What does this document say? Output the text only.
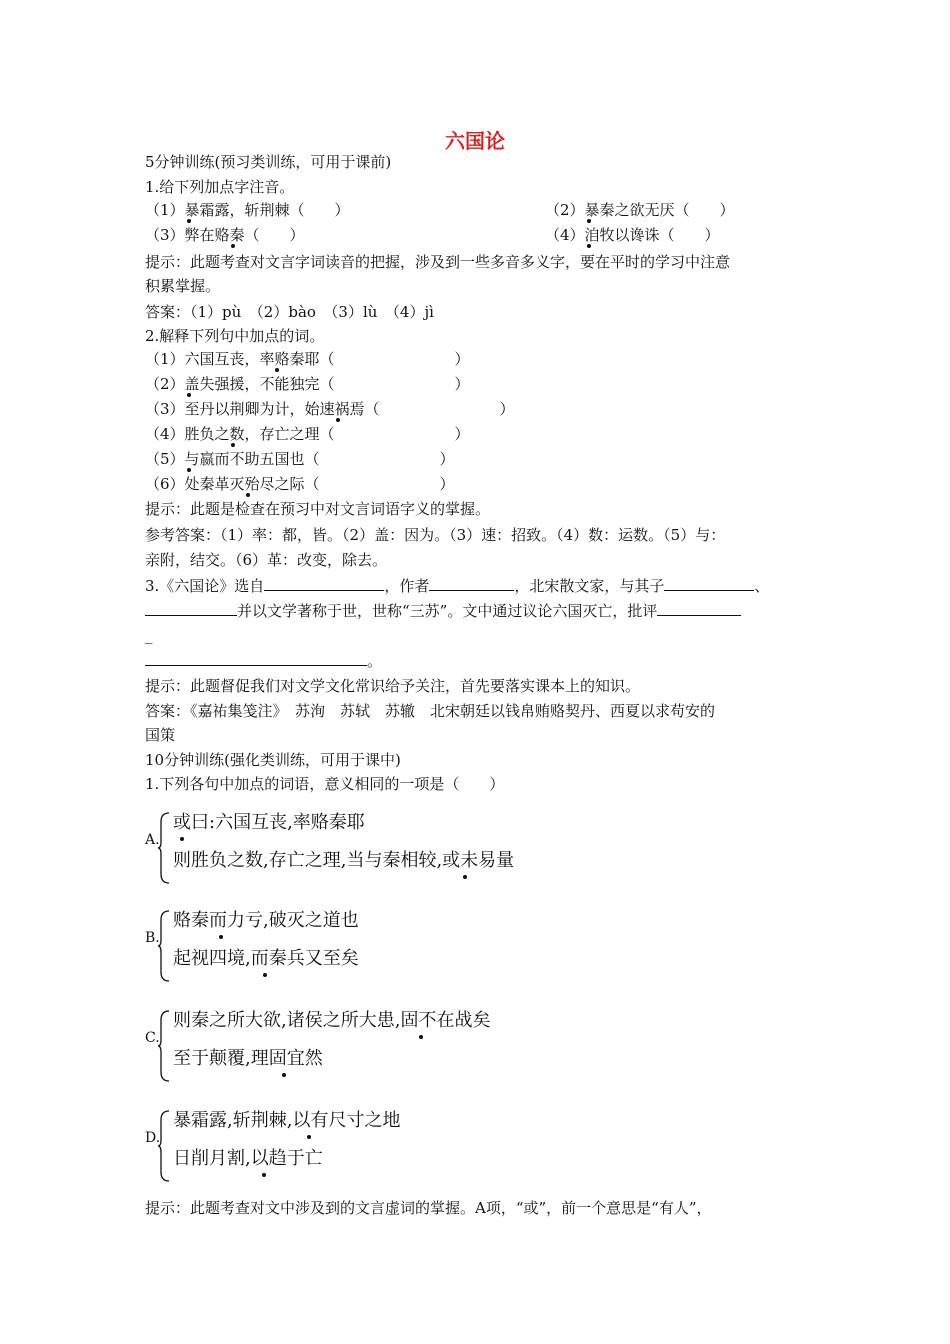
六国论
5分钟训练(预习类训练，可用于课前)
1.给下列加点字注音。
（1）暴霜露，斩荆棘（　　）	（2）暴秦之欲无厌（　　）
（3）弊在赂秦（　　）	（4）洎牧以谗诛（　　）
提示：此题考查对文言字词读音的把握，涉及到一些多音多义字，要在平时的学习中注意
积累掌握。
答案：（1）pù　（2）bào　（3）lù　（4）jì
2.解释下列句中加点的词。
（1）六国互丧，率赂秦耶（　　　　　　　　）
（2）盖失强援，不能独完（　　　　　　　　）
（3）至丹以荆卿为计，始速祸焉（　　　　　　　　）
（4）胜负之数，存亡之理（　　　　　　　　）
（5）与嬴而不助五国也（　　　　　　　　）
（6）处秦革灭殆尽之际（　　　　　　　　）
提示：此题是检查在预习中对文言词语字义的掌握。
参考答案：（1）率：都，皆。（2）盖：因为。（3）速：招致。（4）数：运数。（5）与：
亲附，结交。（6）革：改变，除去。
3.《六国论》选自	，作者	，北宋散文家，与其子	、
并以文学著称于世，世称“三苏”。文中通过议论六国灭亡，批评
_
。
提示：此题督促我们对文学文化常识给予关注，首先要落实课本上的知识。
答案：《嘉祐集笺注》　苏洵　苏轼　苏辙　北宋朝廷以钱帛贿赂契丹、西夏以求苟安的
国策
10分钟训练(强化类训练，可用于课中)
1.下列各句中加点的词语，意义相同的一项是（　　）
A.
或曰:六国互丧,率赂秦耶
则胜负之数,存亡之理,当与秦相较,或未易量
B.
赂秦而力亏,破灭之道也
起视四境,而秦兵又至矣
C.
则秦之所大欲,诸侯之所大患,固不在战矣
至于颠覆,理固宜然
D.
暴霜露,斩荆棘,以有尺寸之地
日削月割,以趋于亡
提示：此题考查对文中涉及到的文言虚词的掌握。A项，“或”，前一个意思是“有人”，
